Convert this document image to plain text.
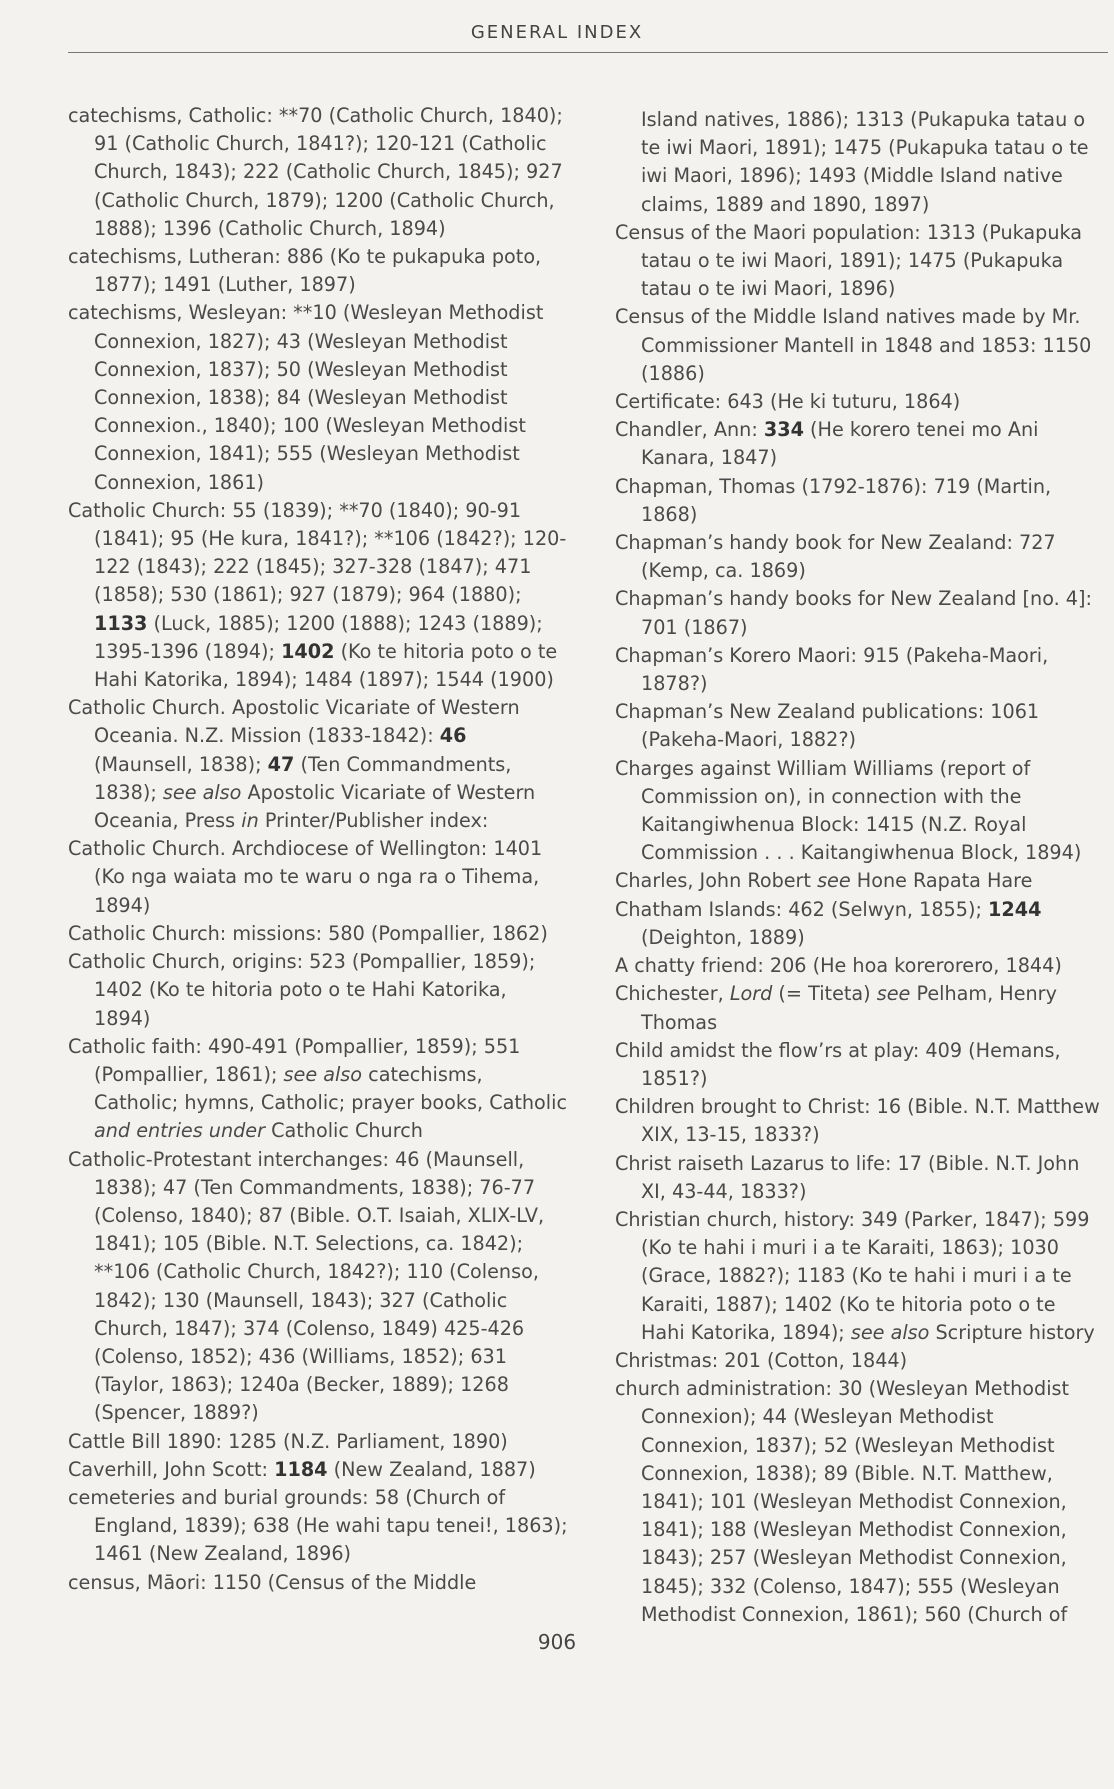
GENERAL INDEX

catechisms, Catholic: **70 (Catholic Church, 1840); 91 (Catholic Church, 1841?); 120-121 (Catholic Church, 1843); 222 (Catholic Church, 1845); 927 (Catholic Church, 1879); 1200 (Catholic Church, 1888); 1396 (Catholic Church, 1894)

catechisms, Lutheran: 886 (Ko te pukapuka poto, 1877); 1491 (Luther, 1897)

catechisms, Wesleyan: **10 (Wesleyan Methodist Connexion, 1827); 43 (Wesleyan Methodist Connexion, 1837); 50 (Wesleyan Methodist Connexion, 1838); 84 (Wesleyan Methodist Connexion., 1840); 100 (Wesleyan Methodist Connexion, 1841); 555 (Wesleyan Methodist Connexion, 1861)

Catholic Church: 55 (1839); **70 (1840); 90-91 (1841); 95 (He kura, 1841?); **106 (1842?); 120-122 (1843); 222 (1845); 327-328 (1847); 471 (1858); 530 (1861); 927 (1879); 964 (1880); 1133 (Luck, 1885); 1200 (1888); 1243 (1889); 1395-1396 (1894); 1402 (Ko te hitoria poto o te Hahi Katorika, 1894); 1484 (1897); 1544 (1900)

Catholic Church. Apostolic Vicariate of Western Oceania. N.Z. Mission (1833-1842): 46 (Maunsell, 1838); 47 (Ten Commandments, 1838); see also Apostolic Vicariate of Western Oceania, Press in Printer/Publisher index:

Catholic Church. Archdiocese of Wellington: 1401 (Ko nga waiata mo te waru o nga ra o Tihema, 1894)

Catholic Church: missions: 580 (Pompallier, 1862)

Catholic Church, origins: 523 (Pompallier, 1859); 1402 (Ko te hitoria poto o te Hahi Katorika, 1894)

Catholic faith: 490-491 (Pompallier, 1859); 551 (Pompallier, 1861); see also catechisms, Catholic; hymns, Catholic; prayer books, Catholic and entries under Catholic Church

Catholic-Protestant interchanges: 46 (Maunsell, 1838); 47 (Ten Commandments, 1838); 76-77 (Colenso, 1840); 87 (Bible. O.T. Isaiah, XLIX-LV, 1841); 105 (Bible. N.T. Selections, ca. 1842); **106 (Catholic Church, 1842?); 110 (Colenso, 1842); 130 (Maunsell, 1843); 327 (Catholic Church, 1847); 374 (Colenso, 1849) 425-426 (Colenso, 1852); 436 (Williams, 1852); 631 (Taylor, 1863); 1240a (Becker, 1889); 1268 (Spencer, 1889?)

Cattle Bill 1890: 1285 (N.Z. Parliament, 1890)

Caverhill, John Scott: 1184 (New Zealand, 1887)

cemeteries and burial grounds: 58 (Church of England, 1839); 638 (He wahi tapu tenei!, 1863); 1461 (New Zealand, 1896)

census, Māori: 1150 (Census of the Middle

Island natives, 1886); 1313 (Pukapuka tatau o te iwi Maori, 1891); 1475 (Pukapuka tatau o te iwi Maori, 1896); 1493 (Middle Island native claims, 1889 and 1890, 1897)

Census of the Maori population: 1313 (Pukapuka tatau o te iwi Maori, 1891); 1475 (Pukapuka tatau o te iwi Maori, 1896)

Census of the Middle Island natives made by Mr. Commissioner Mantell in 1848 and 1853: 1150 (1886)

Certificate: 643 (He ki tuturu, 1864)

Chandler, Ann: 334 (He korero tenei mo Ani Kanara, 1847)

Chapman, Thomas (1792-1876): 719 (Martin, 1868)

Chapman’s handy book for New Zealand: 727 (Kemp, ca. 1869)

Chapman’s handy books for New Zealand [no. 4]: 701 (1867)

Chapman’s Korero Maori: 915 (Pakeha-Maori, 1878?)

Chapman’s New Zealand publications: 1061 (Pakeha-Maori, 1882?)

Charges against William Williams (report of Commission on), in connection with the Kaitangiwhenua Block: 1415 (N.Z. Royal Commission . . . Kaitangiwhenua Block, 1894)

Charles, John Robert see Hone Rapata Hare

Chatham Islands: 462 (Selwyn, 1855); 1244 (Deighton, 1889)

A chatty friend: 206 (He hoa korerorero, 1844)

Chichester, Lord (= Titeta) see Pelham, Henry Thomas

Child amidst the flow’rs at play: 409 (Hemans, 1851?)

Children brought to Christ: 16 (Bible. N.T. Matthew XIX, 13-15, 1833?)

Christ raiseth Lazarus to life: 17 (Bible. N.T. John XI, 43-44, 1833?)

Christian church, history: 349 (Parker, 1847); 599 (Ko te hahi i muri i a te Karaiti, 1863); 1030 (Grace, 1882?); 1183 (Ko te hahi i muri i a te Karaiti, 1887); 1402 (Ko te hitoria poto o te Hahi Katorika, 1894); see also Scripture history

Christmas: 201 (Cotton, 1844)

church administration: 30 (Wesleyan Methodist Connexion); 44 (Wesleyan Methodist Connexion, 1837); 52 (Wesleyan Methodist Connexion, 1838); 89 (Bible. N.T. Matthew, 1841); 101 (Wesleyan Methodist Connexion, 1841); 188 (Wesleyan Methodist Connexion, 1843); 257 (Wesleyan Methodist Connexion, 1845); 332 (Colenso, 1847); 555 (Wesleyan Methodist Connexion, 1861); 560 (Church of

906
